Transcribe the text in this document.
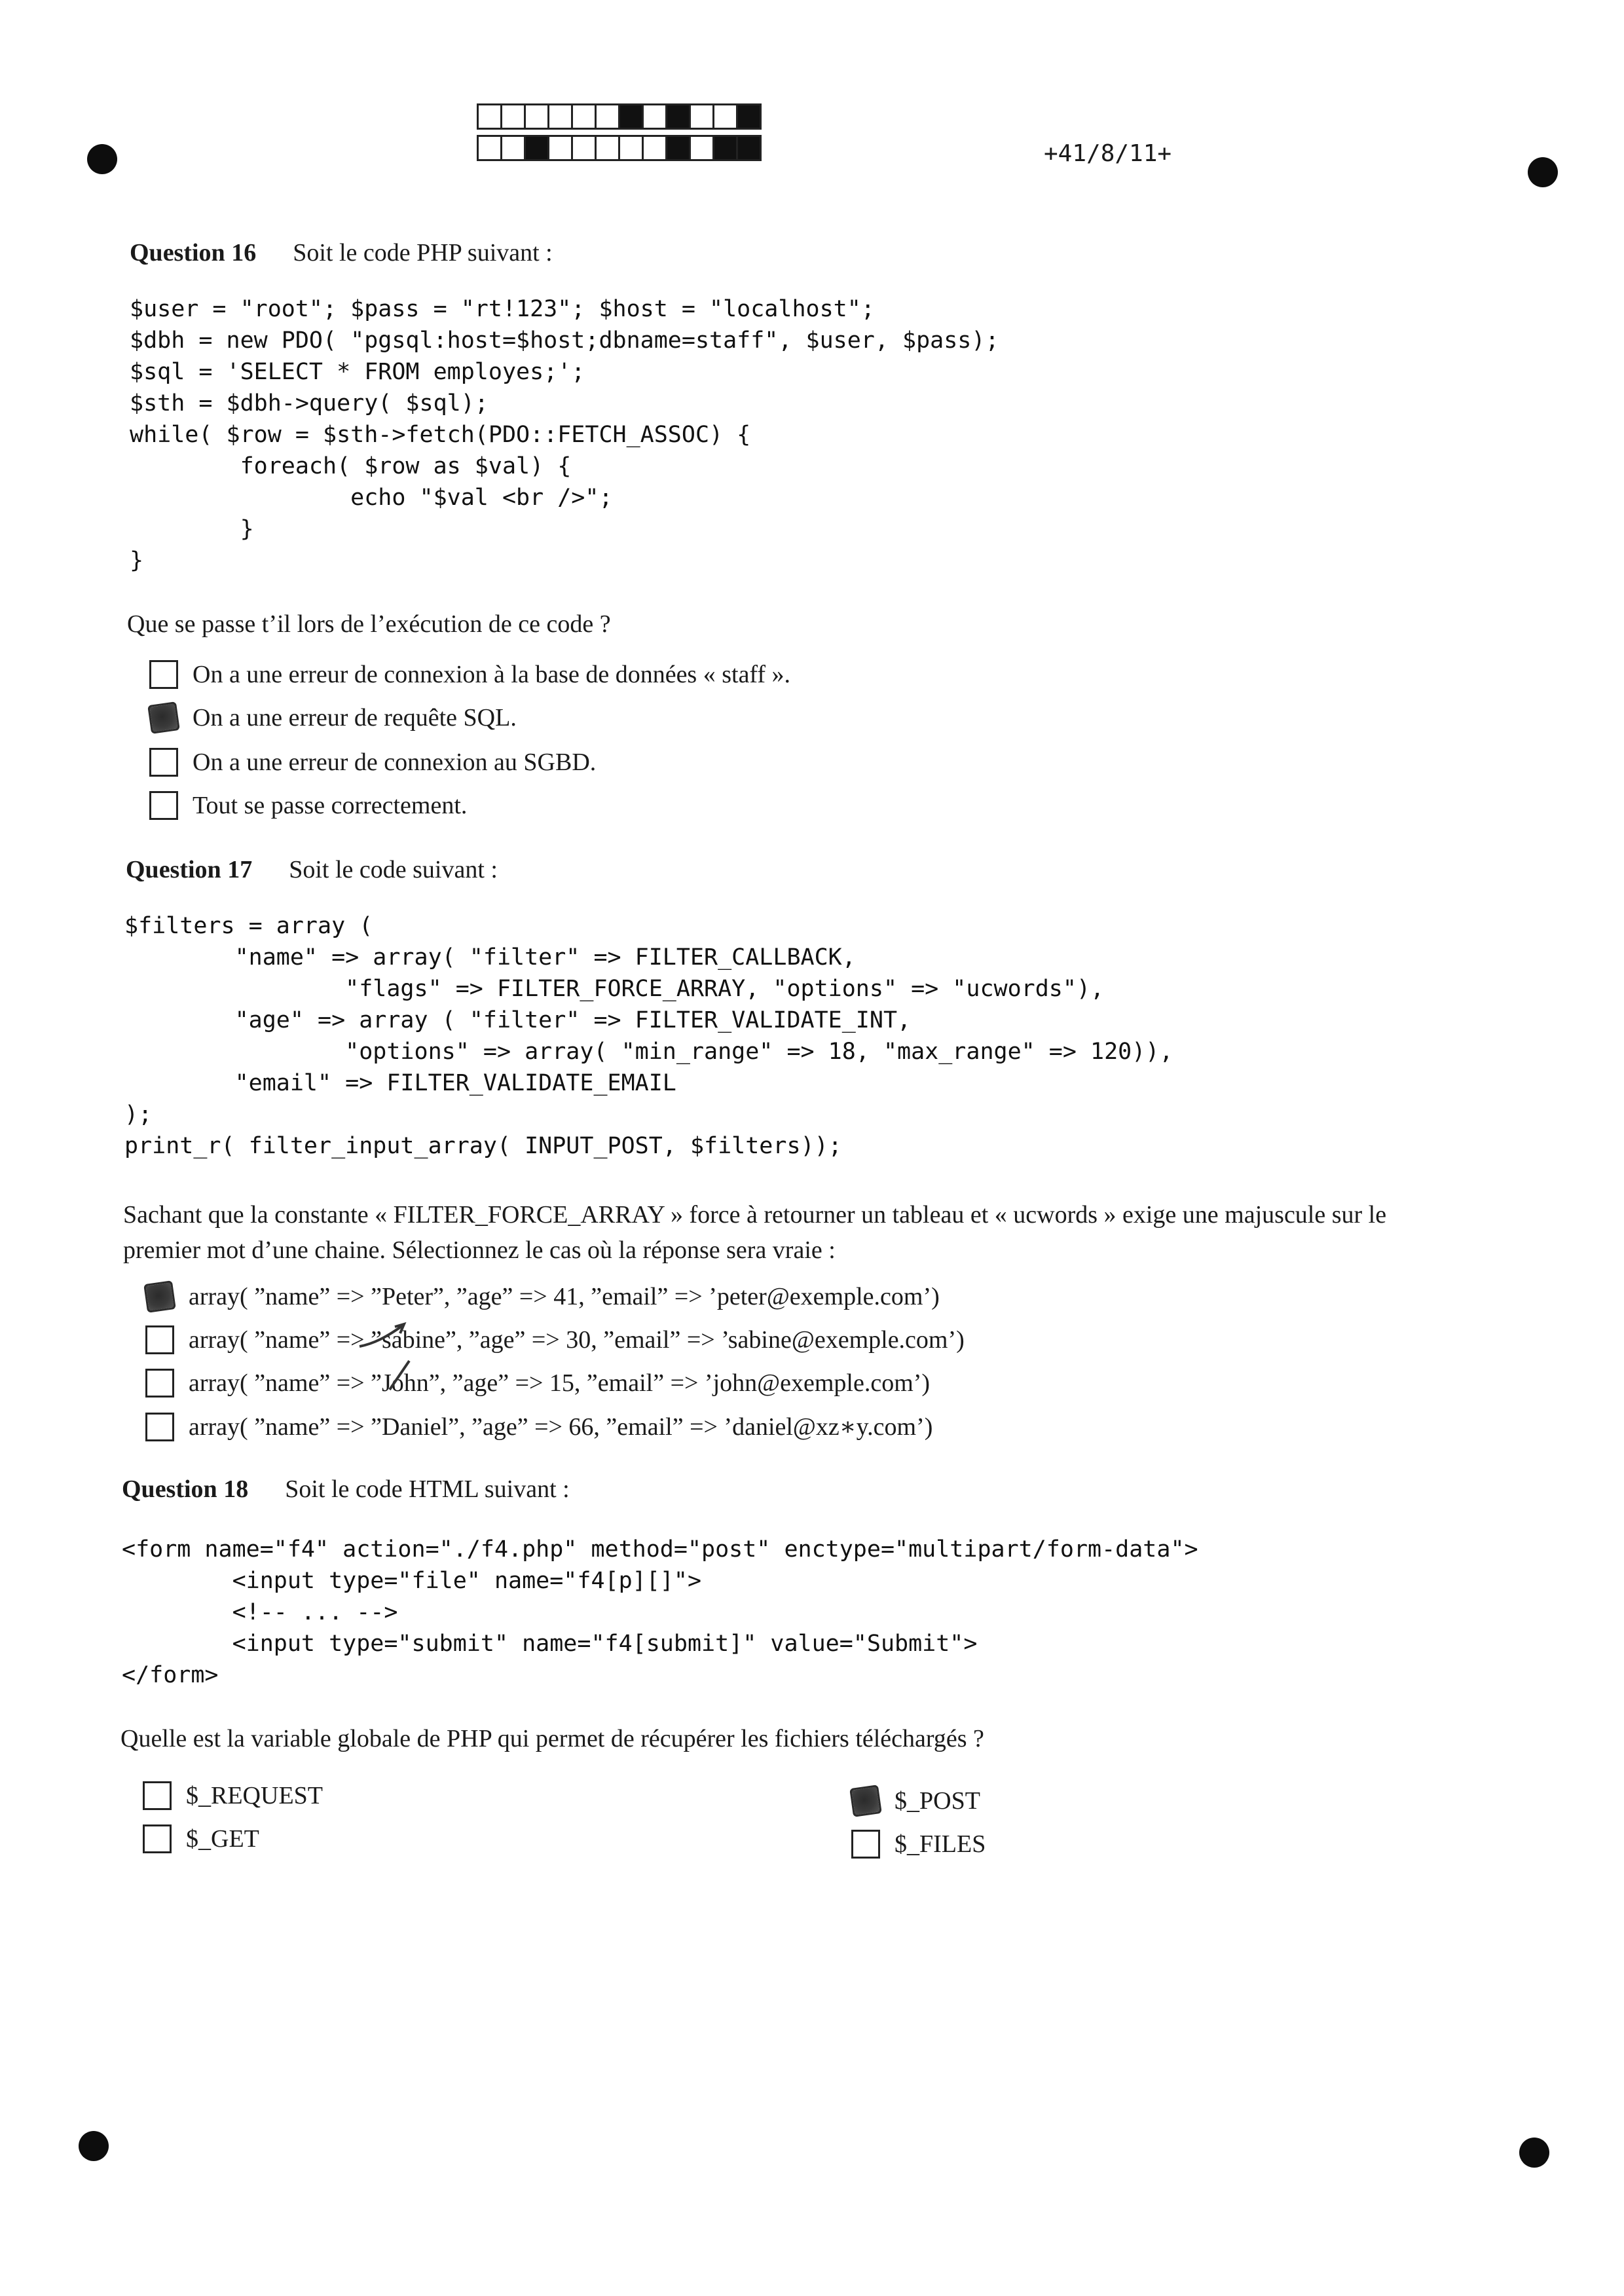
+41/8/11+
Question 16 Soit le code PHP suivant :
$user = "root"; $pass = "rt!123"; $host = "localhost";
$dbh = new PDO( "pgsql:host=$host;dbname=staff", $user, $pass);
$sql = 'SELECT * FROM employes;';
$sth = $dbh->query( $sql);
while( $row = $sth->fetch(PDO::FETCH_ASSOC) {
foreach( $row as $val) {
echo "$val <br />";
}
}
Que se passe t’il lors de l’exécution de ce code ?
On a une erreur de connexion à la base de données « staff ».
On a une erreur de requête SQL.
On a une erreur de connexion au SGBD.
Tout se passe correctement.
Question 17 Soit le code suivant :
$filters = array (
"name" => array( "filter" => FILTER_CALLBACK,
"flags" => FILTER_FORCE_ARRAY, "options" => "ucwords"),
"age" => array ( "filter" => FILTER_VALIDATE_INT,
"options" => array( "min_range" => 18, "max_range" => 120)),
"email" => FILTER_VALIDATE_EMAIL
);
print_r( filter_input_array( INPUT_POST, $filters));
Sachant que la constante « FILTER_FORCE_ARRAY » force à retourner un tableau et « ucwords » exige une majuscule sur le
premier mot d’une chaine. Sélectionnez le cas où la réponse sera vraie :
array( ”name” => ”Peter”, ”age” => 41, ”email” => ’peter@exemple.com’)
array( ”name” => ”sabine”, ”age” => 30, ”email” => ’sabine@exemple.com’)
array( ”name” => ”John”, ”age” => 15, ”email” => ’john@exemple.com’)
array( ”name” => ”Daniel”, ”age” => 66, ”email” => ’daniel@xz∗y.com’)
Question 18 Soit le code HTML suivant :
<form name="f4" action="./f4.php" method="post" enctype="multipart/form-data">
<input type="file" name="f4[p][]">
<!-- ... -->
<input type="submit" name="f4[submit]" value="Submit">
</form>
Quelle est la variable globale de PHP qui permet de récupérer les fichiers téléchargés ?
$_REQUEST
$_GET
$_POST
$_FILES
